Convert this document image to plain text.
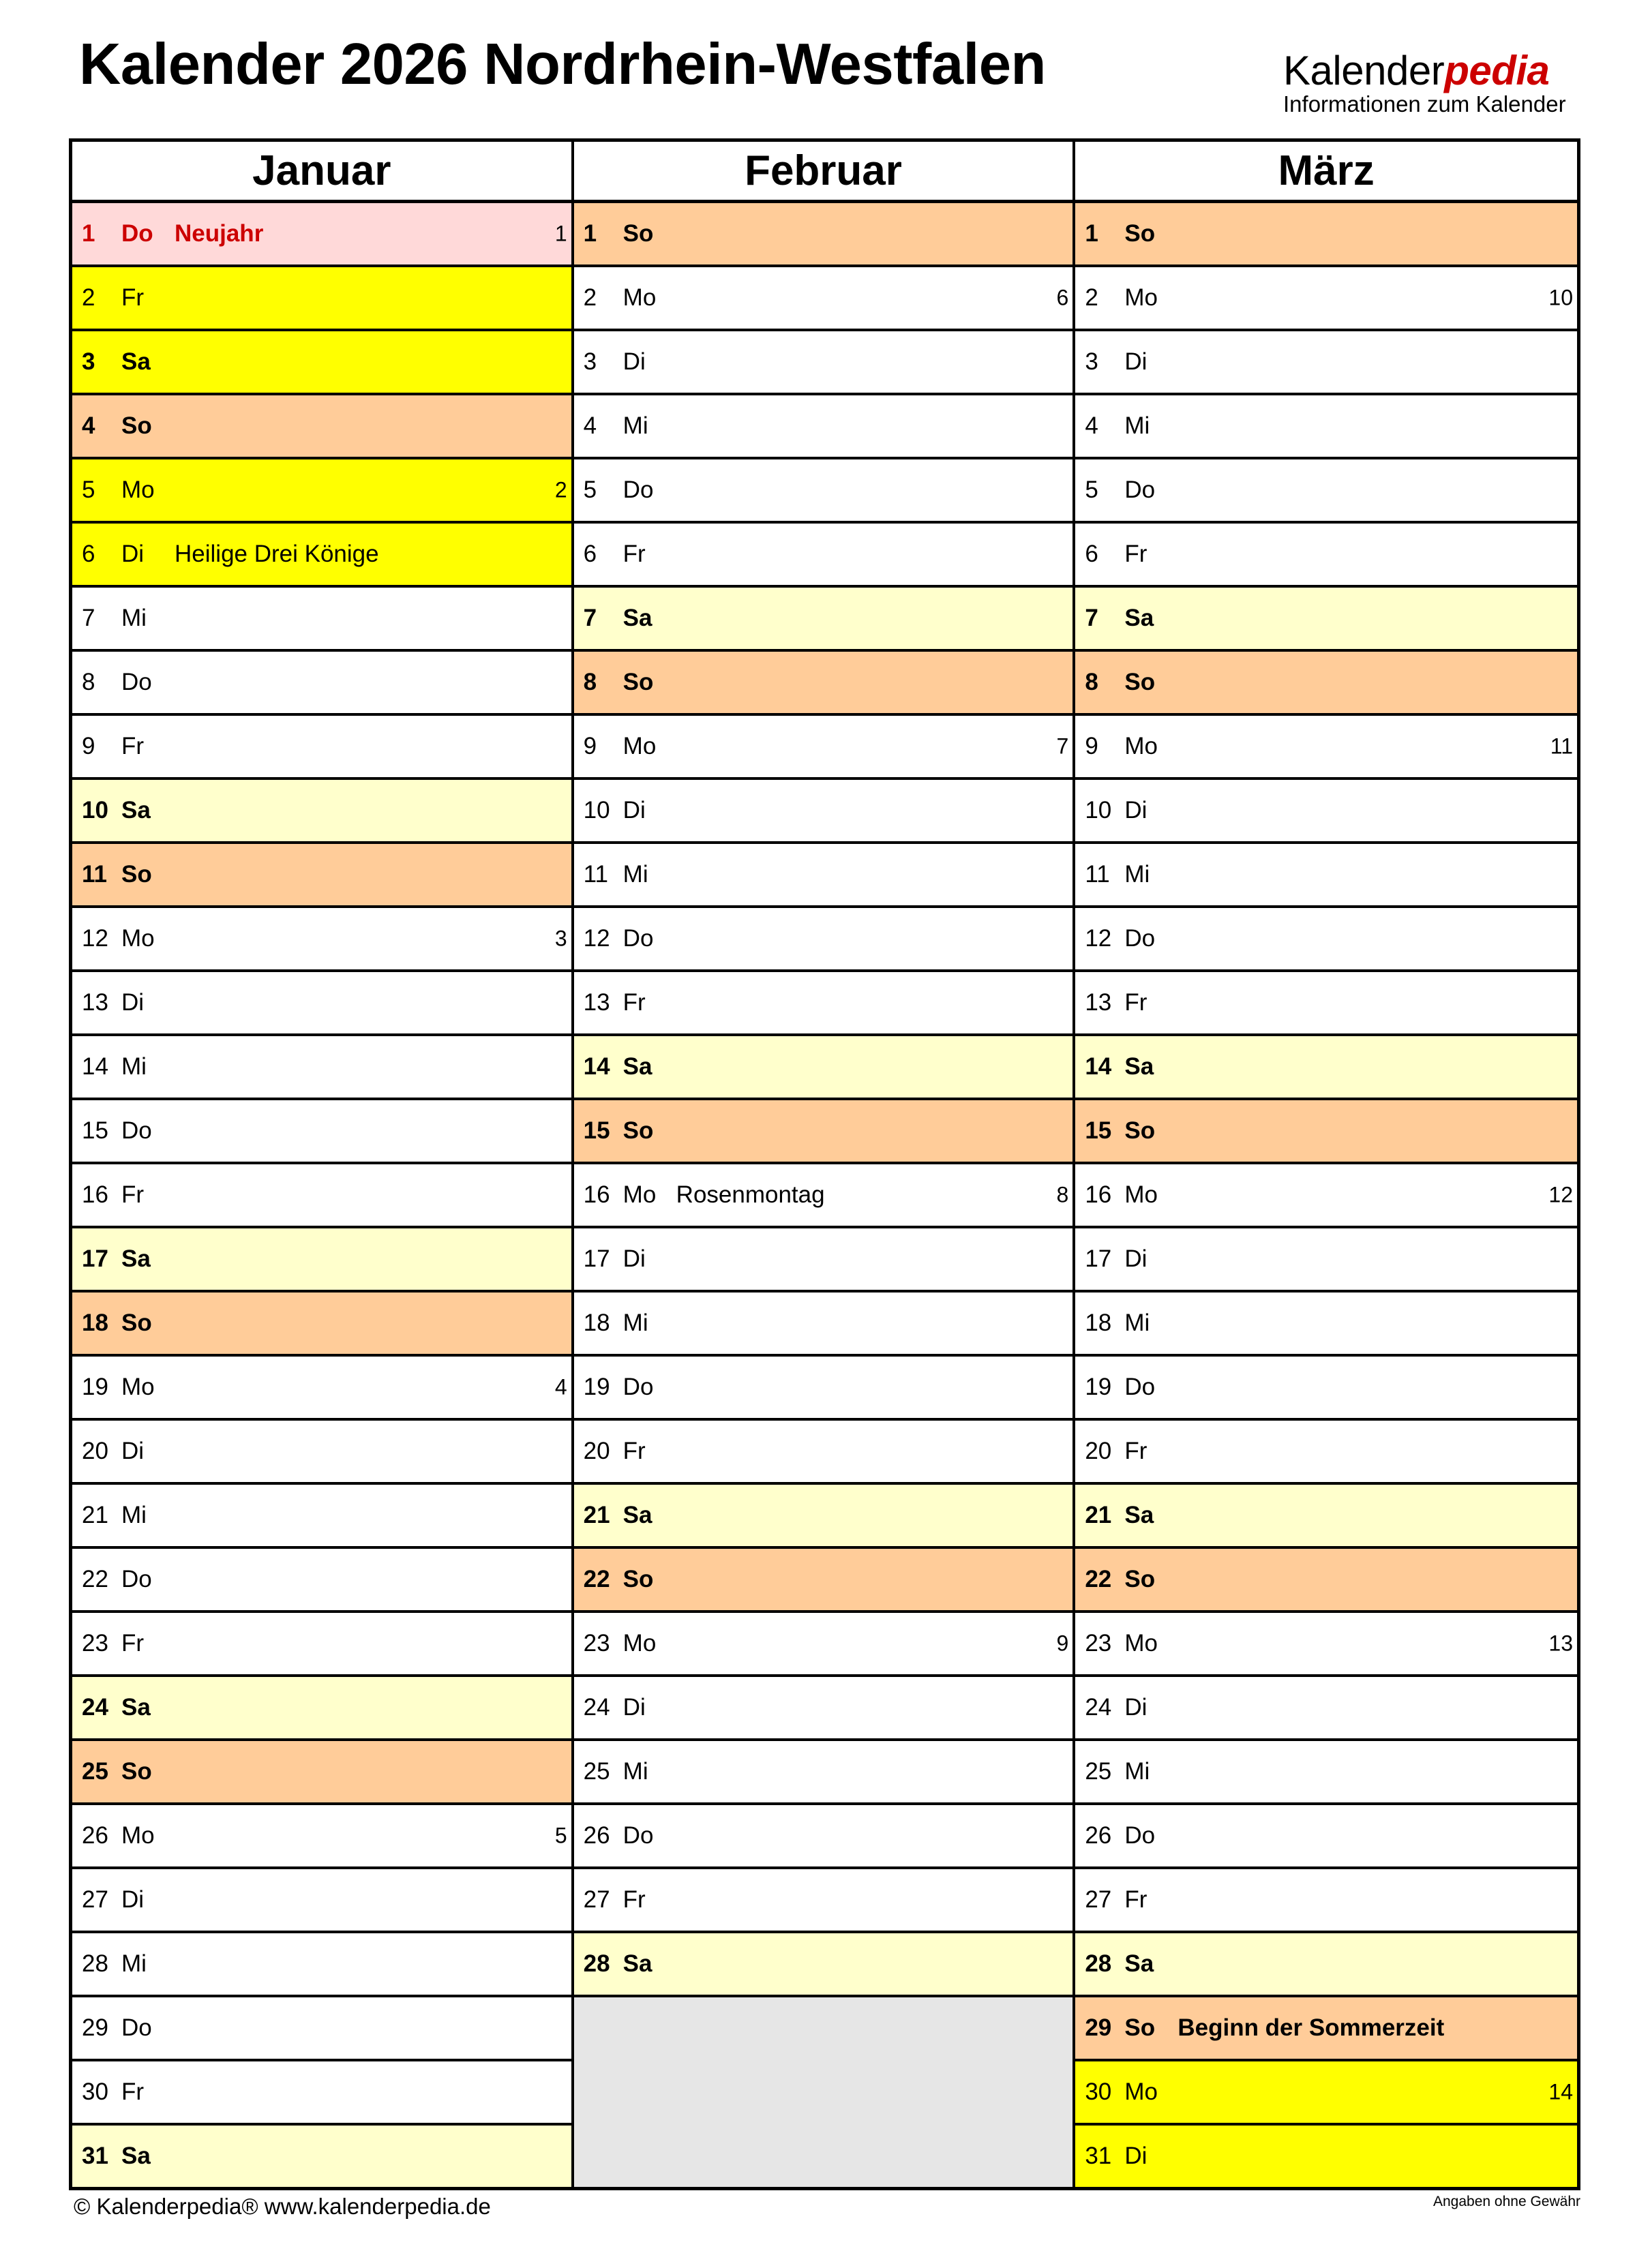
Kalender 2026 Nordrhein-Westfalen	Kalenderpedia
Informationen zum Kalender
Januar
1	Do Neujahr	1
2	Fr
3	Sa
4	So
5	Mo	2
6	Di	Heilige Drei Könige
7	Mi
8	Do
9	Fr
10 Sa
11 So
12 Mo	3
13 Di
14 Mi
15 Do
16 Fr
17 Sa
18 So
19 Mo	4
20 Di
21 Mi
22 Do
23 Fr
24 Sa
25 So
26 Mo	5
27 Di
28 Mi
29 Do
30 Fr
31 Sa
Februar
1	So
2	Mo	6
3	Di
4	Mi
5	Do
6	Fr
7	Sa
8	So
9	Mo	7
10 Di
11 Mi
12 Do
13 Fr
14 Sa
15 So
16 Mo Rosenmontag	8
17 Di
18 Mi
19 Do
20 Fr
21 Sa
22 So
23 Mo	9
24 Di
25 Mi
26 Do
27 Fr
28 Sa
März
1	So
2	Mo	10
3	Di
4	Mi
5	Do
6	Fr
7	Sa
8	So
9	Mo	11
10 Di
11 Mi
12 Do
13 Fr
14 Sa
15 So
16 Mo	12
17 Di
18 Mi
19 Do
20 Fr
21 Sa
22 So
23 Mo	13
24 Di
25 Mi
26 Do
27 Fr
28 Sa
29 So Beginn der Sommerzeit
30 Mo	14
31 Di
© Kalenderpedia® www.kalenderpedia.de	Angaben ohne Gewähr
